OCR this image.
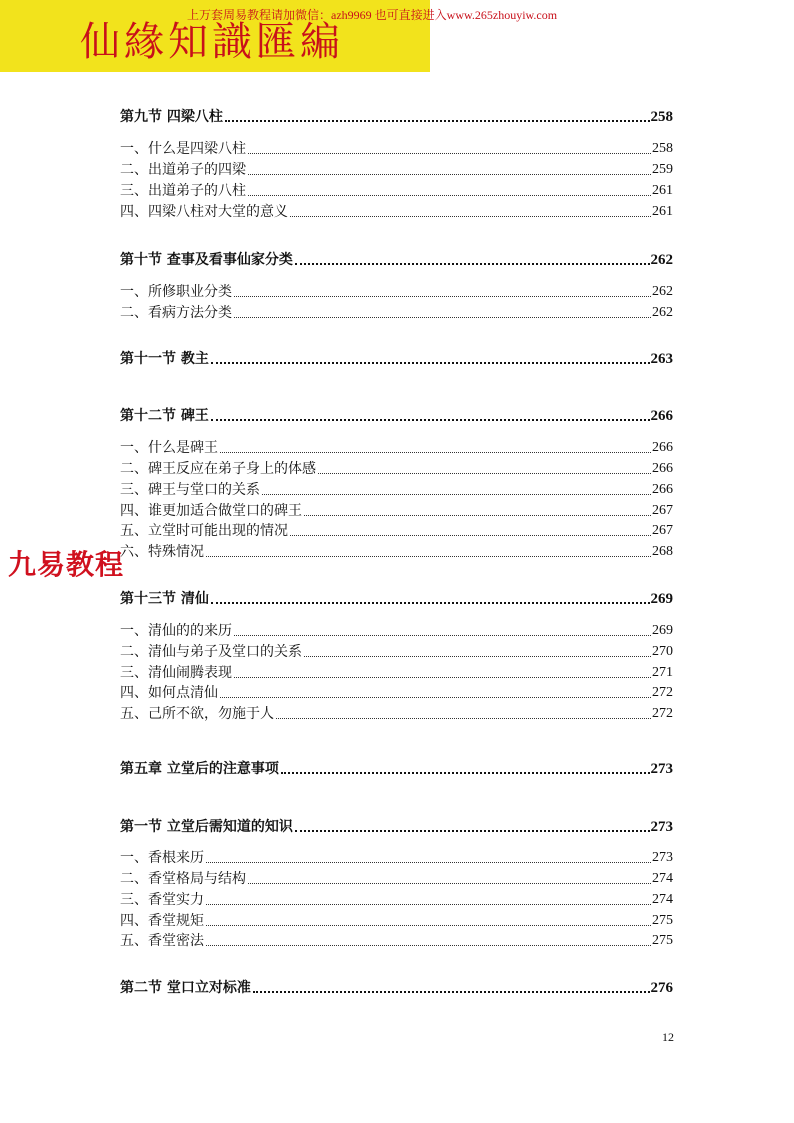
仙緣知識匯編
上万套周易教程请加微信：azh9969 也可直接进入www.265zhouyiw.com
第九节 四梁八柱	258
一、什么是四梁八柱	258
二、出道弟子的四梁	259
三、出道弟子的八柱	261
四、四梁八柱对大堂的意义	261
第十节 查事及看事仙家分类	262
一、所修职业分类	262
二、看病方法分类	262
第十一节 教主	263
第十二节 碑王	266
一、什么是碑王	266
二、碑王反应在弟子身上的体感	266
三、碑王与堂口的关系	266
四、谁更加适合做堂口的碑王	267
五、立堂时可能出现的情况	267
六、特殊情况	268
第十三节 清仙	269
一、清仙的的来历	269
二、清仙与弟子及堂口的关系	270
三、清仙闹腾表现	271
四、如何点清仙	272
五、己所不欲，勿施于人	272
第五章 立堂后的注意事项	273
第一节 立堂后需知道的知识	273
一、香根来历	273
二、香堂格局与结构	274
三、香堂实力	274
四、香堂规矩	275
五、香堂密法	275
第二节 堂口立对标准	276
九易教程
12
